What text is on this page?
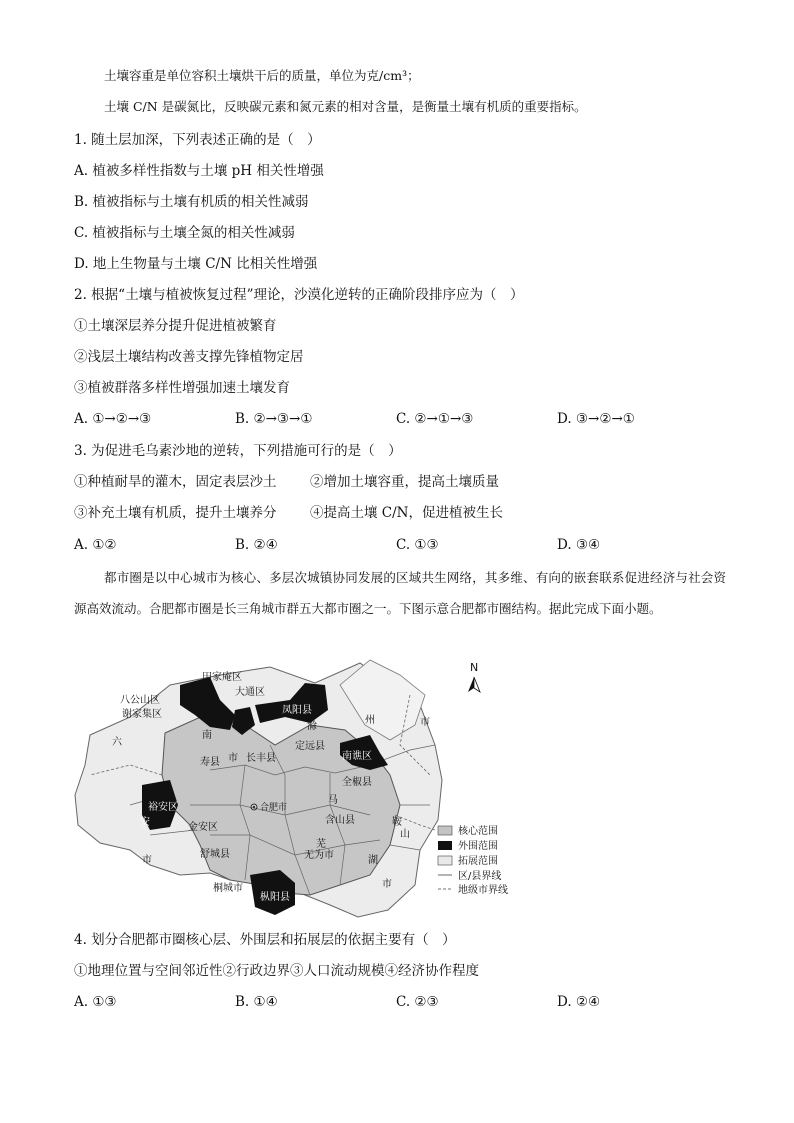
土壤容重是单位容积土壤烘干后的质量，单位为克/cm³；
土壤 C/N 是碳氮比，反映碳元素和氮元素的相对含量，是衡量土壤有机质的重要指标。
1. 随土层加深，下列表述正确的是（　）
A. 植被多样性指数与土壤 pH 相关性增强
B. 植被指标与土壤有机质的相关性减弱
C. 植被指标与土壤全氮的相关性减弱
D. 地上生物量与土壤 C/N 比相关性增强
2. 根据“土壤与植被恢复过程”理论，沙漠化逆转的正确阶段排序应为（　）
①土壤深层养分提升促进植被繁育
②浅层土壤结构改善支撑先锋植物定居
③植被群落多样性增强加速土壤发育
A. ①→②→③	B. ②→③→①	C. ②→①→③	D. ③→②→①
3. 为促进毛乌素沙地的逆转，下列措施可行的是（　）
①种植耐旱的灌木，固定表层沙土 ②增加土壤容重，提高土壤质量
③补充土壤有机质，提升土壤养分 ④提高土壤 C/N，促进植被生长
A. ①②	B. ②④	C. ①③	D. ③④
都市圈是以中心城市为核心、多层次城镇协同发展的区域共生网络，其多维、有向的嵌套联系促进经济与社会资源高效流动。合肥都市圈是长三角城市群五大都市圈之一。下图示意合肥都市圈结构。据此完成下面小题。
田家庵区
大通区
八公山区	淮
谢家集区	凤阳县
滁
州	市
南
定远县
南谯区
寿县 市 长丰县
六
全椒县
裕安区
安
合肥市
马
含山县	鞍
金安区
山
市
舒城县
芜
无为市	湖
市
桐城市
枞阳县
N
核心范围
外围范围
拓展范围
区/县界线
地级市界线
4. 划分合肥都市圈核心层、外围层和拓展层的依据主要有（　）
①地理位置与空间邻近性②行政边界③人口流动规模④经济协作程度
A. ①③	B. ①④	C. ②③	D. ②④
